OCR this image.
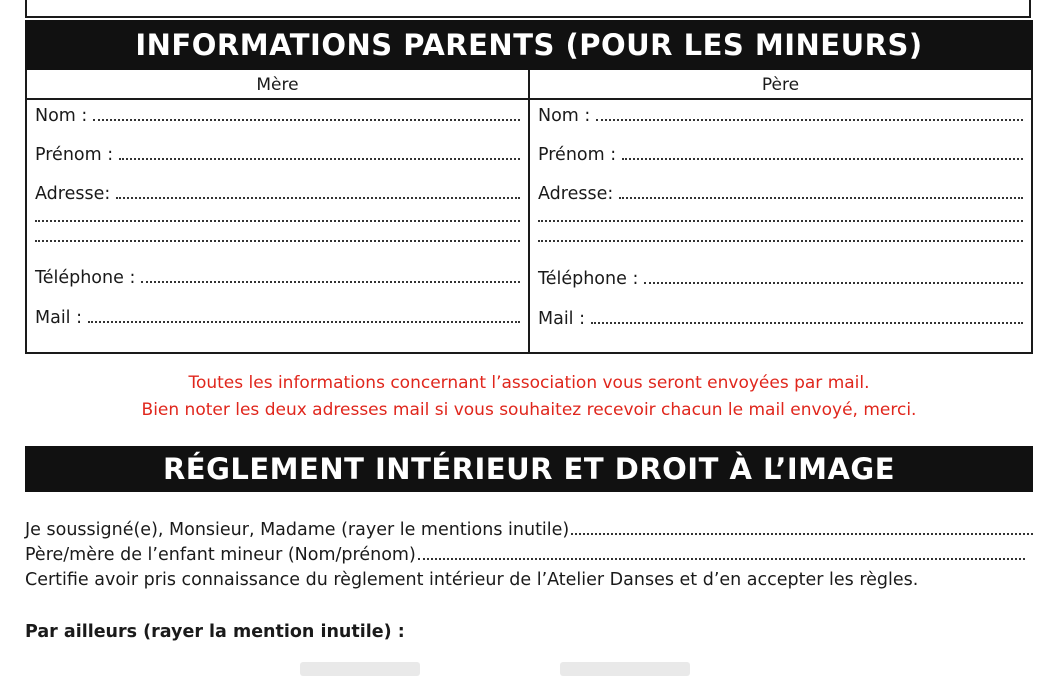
INFORMATIONS PARENTS (POUR LES MINEURS)
Mère
Nom :
Prénom :
Adresse:
Téléphone :
Mail :
Père
Nom :
Prénom :
Adresse:
Téléphone :
Mail :
Toutes les informations concernant l’association vous seront envoyées par mail.
Bien noter les deux adresses mail si vous souhaitez recevoir chacun le mail envoyé, merci.
RÉGLEMENT INTÉRIEUR ET DROIT À L’IMAGE
Je soussigné(e), Monsieur, Madame (rayer le mentions inutile)
Père/mère de l’enfant mineur (Nom/prénom)
Certifie avoir pris connaissance du règlement intérieur de l’Atelier Danses et d’en accepter les règles.
Par ailleurs (rayer la mention inutile) :
